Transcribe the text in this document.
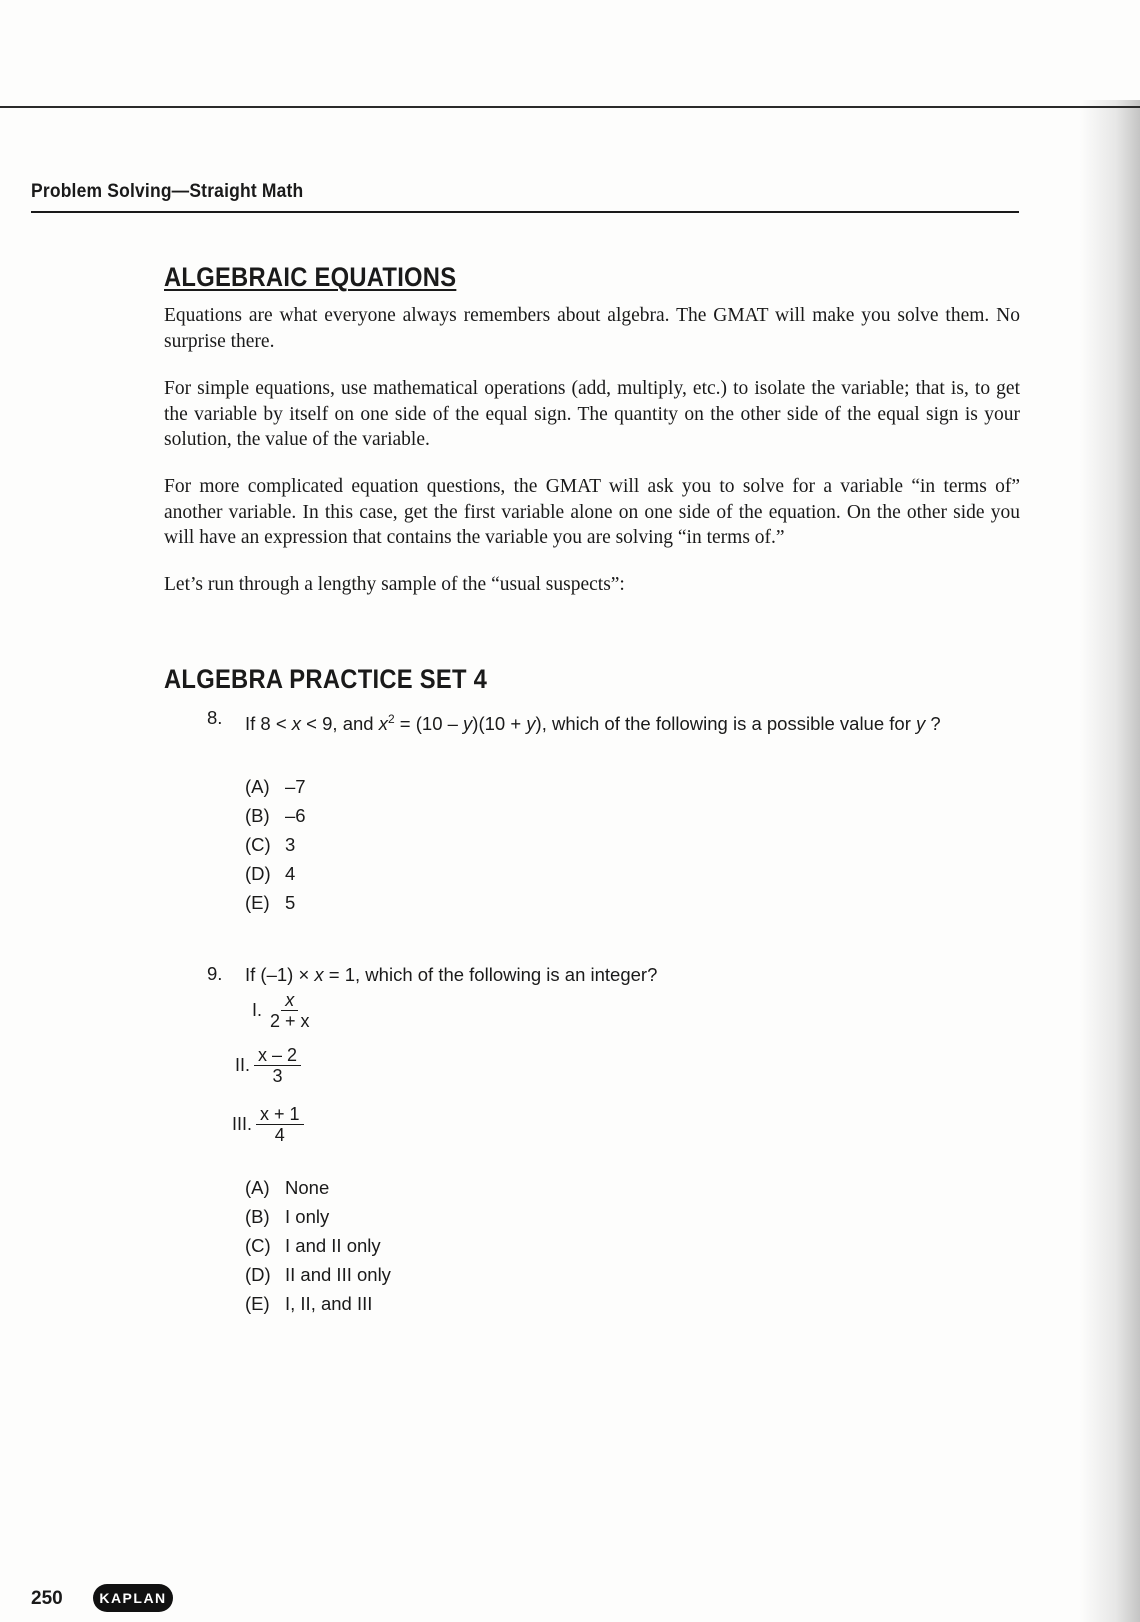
Problem Solving—Straight Math
ALGEBRAIC EQUATIONS

Equations are what everyone always remembers about algebra. The GMAT will make you solve them. No surprise there.

For simple equations, use mathematical operations (add, multiply, etc.) to isolate the variable; that is, to get the variable by itself on one side of the equal sign. The quantity on the other side of the equal sign is your solution, the value of the variable.

For more complicated equation questions, the GMAT will ask you to solve for a variable “in terms of” another variable. In this case, get the first variable alone on one side of the equation. On the other side you will have an expression that contains the variable you are solving “in terms of.”

Let’s run through a lengthy sample of the “usual suspects”:

ALGEBRA PRACTICE SET 4
8. If 8 < x < 9, and $x^2 = (10 - y)(10 + y)$, which of the following is a possible value for y ?
(A) –7
(B) –6
(C) 3
(D) 4
(E) 5
9. If (–1) × x = 1, which of the following is an integer?
I. $\frac{x}{2 + x}$
II. $\frac{x - 2}{3}$
III. $\frac{x + 1}{4}$
(A) None
(B) I only
(C) I and II only
(D) II and III only
(E) I, II, and III
250	KAPLAN
